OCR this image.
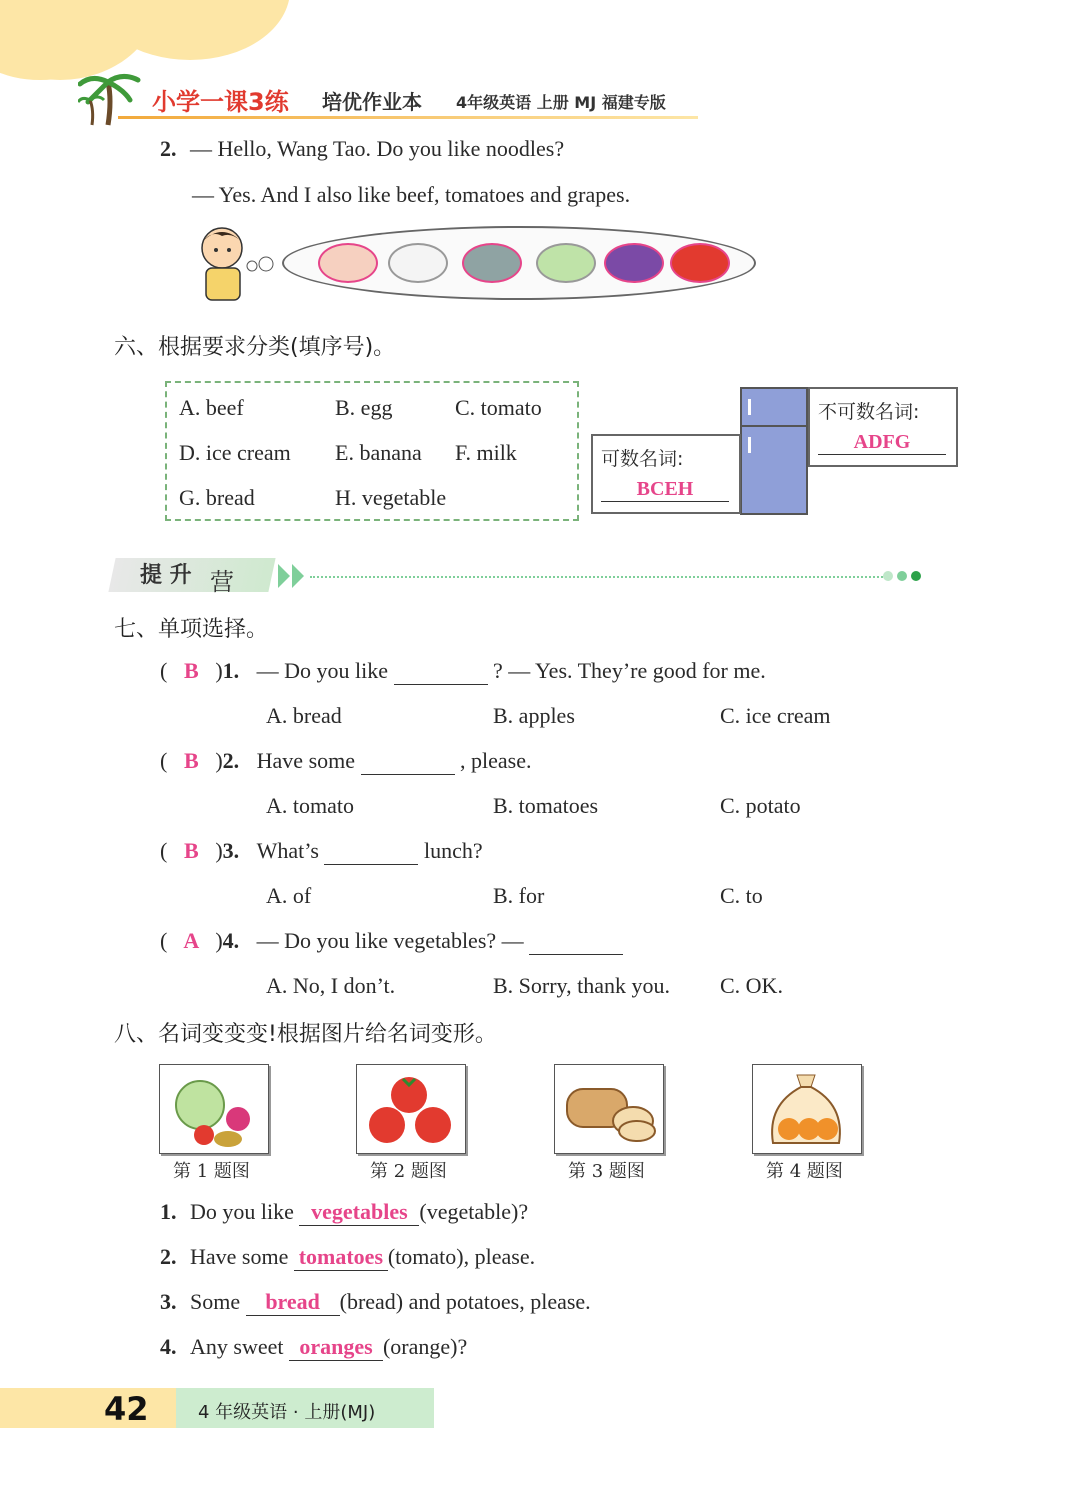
小学一课3练 培优作业本 4年级英语 上册 MJ 福建专版
2. — Hello, Wang Tao. Do you like noodles?
— Yes. And I also like beef, tomatoes and grapes.
六、根据要求分类(填序号)。
A. beef	B. egg	C. tomato
D. ice cream E. banana F. milk
G. bread	H. vegetable
可数名词:
BCEH
不可数名词:
ADFG
提 升 营
七、单项选择。
( B )1. — Do you like	? — Yes. They’re good for me.
A. bread	B. apples	C. ice cream
( B )2. Have some	, please.
A. tomato	B. tomatoes	C. potato
( B )3. What’s	lunch?
A. of	B. for	C. to
( A )4. — Do you like vegetables? —
A. No, I don’t.	B. Sorry, thank you. C. OK.
八、名词变变变!根据图片给名词变形。
第 1 题图	第 2 题图	第 3 题图	第 4 题图
1. Do you like vegetables (vegetable)?
2. Have some tomatoes (tomato), please.
3. Some bread (bread) and potatoes, please.
4. Any sweet oranges (orange)?
42	4 年级英语 · 上册(MJ)
